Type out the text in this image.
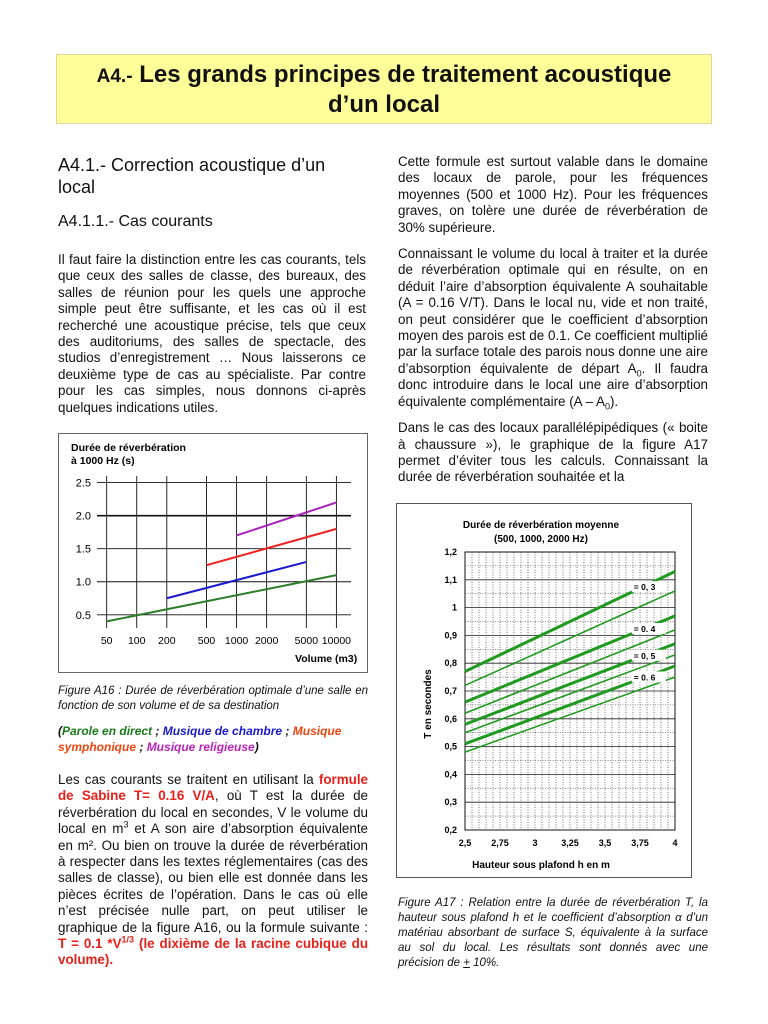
A4.- Les grands principes de traitement acoustique
d’un local
A4.1.- Correction acoustique d’un local
A4.1.1.- Cas courants
Il faut faire la distinction entre les cas courants, tels que ceux des salles de classe, des bureaux, des salles de réunion pour les quels une approche simple peut être suffisante, et les cas où il est recherché une acoustique précise, tels que ceux des auditoriums, des salles de spectacle, des studios d’enregistrement … Nous laisserons ce deuxième type de cas au spécialiste. Par contre pour les cas simples, nous donnons ci-après quelques indications utiles.
Cette formule est surtout valable dans le domaine des locaux de parole, pour les fréquences moyennes (500 et 1000 Hz). Pour les fréquences graves, on tolère une durée de réverbération de 30% supérieure.
Connaissant le volume du local à traiter et la durée de réverbération optimale qui en résulte, on en déduit l’aire d’absorption équivalente A souhaitable (A = 0.16 V/T). Dans le local nu, vide et non traité, on peut considérer que le coefficient d’absorption moyen des parois est de 0.1. Ce coefficient multiplié par la surface totale des parois nous donne une aire d’absorption équivalente de départ $A_0$. Il faudra donc introduire dans le local une aire d’absorption équivalente complémentaire $(A - A_0)$.
Dans le cas des locaux parallélépipédiques (« boite à chaussure »), le graphique de la figure A17 permet d’éviter tous les calculs. Connaissant la durée de réverbération souhaitée et la
Durée de réverbération
à 1000 Hz (s)
50 100 200 500 1000 2000 5000 10000
0.5
1.0
1.5
2.0
2.5
Volume (m3)
Figure A16 : Durée de réverbération optimale d’une salle en fonction de son volume et de sa destination
(Parole en direct ; Musique de chambre ; Musique symphonique ; Musique religieuse)
Les cas courants se traitent en utilisant la formule de Sabine T= 0.16 V/A, où T est la durée de réverbération du local en secondes, V le volume du local en $m^3$ et A son aire d’absorption équivalente en m². Ou bien on trouve la durée de réverbération à respecter dans les textes réglementaires (cas des salles de classe), ou bien elle est donnée dans les pièces écrites de l’opération. Dans le cas où elle n’est précisée nulle part, on peut utiliser le graphique de la figure A16, ou la formule suivante : T = 0.1 $*V^{1/3}$ (le dixième de la racine cubique du volume).
Durée de réverbération moyenne
(500, 1000, 2000 Hz)
= 0, 3
= 0. 4
= 0, 5
= 0. 6
2,5 2,75	3	3,25 3,5 3,75	4
0,2
0,3
0,4
0,5
0,6
0,7
0,8
0,9
1
1,1
1,2
Hauteur sous plafond h en m
T en secondes
Figure A17 : Relation entre la durée de réverbération T, la hauteur sous plafond h et le coefficient d’absorption α d’un matériau absorbant de surface S, équivalente à la surface au sol du local. Les résultats sont donnés avec une précision de + 10%.
